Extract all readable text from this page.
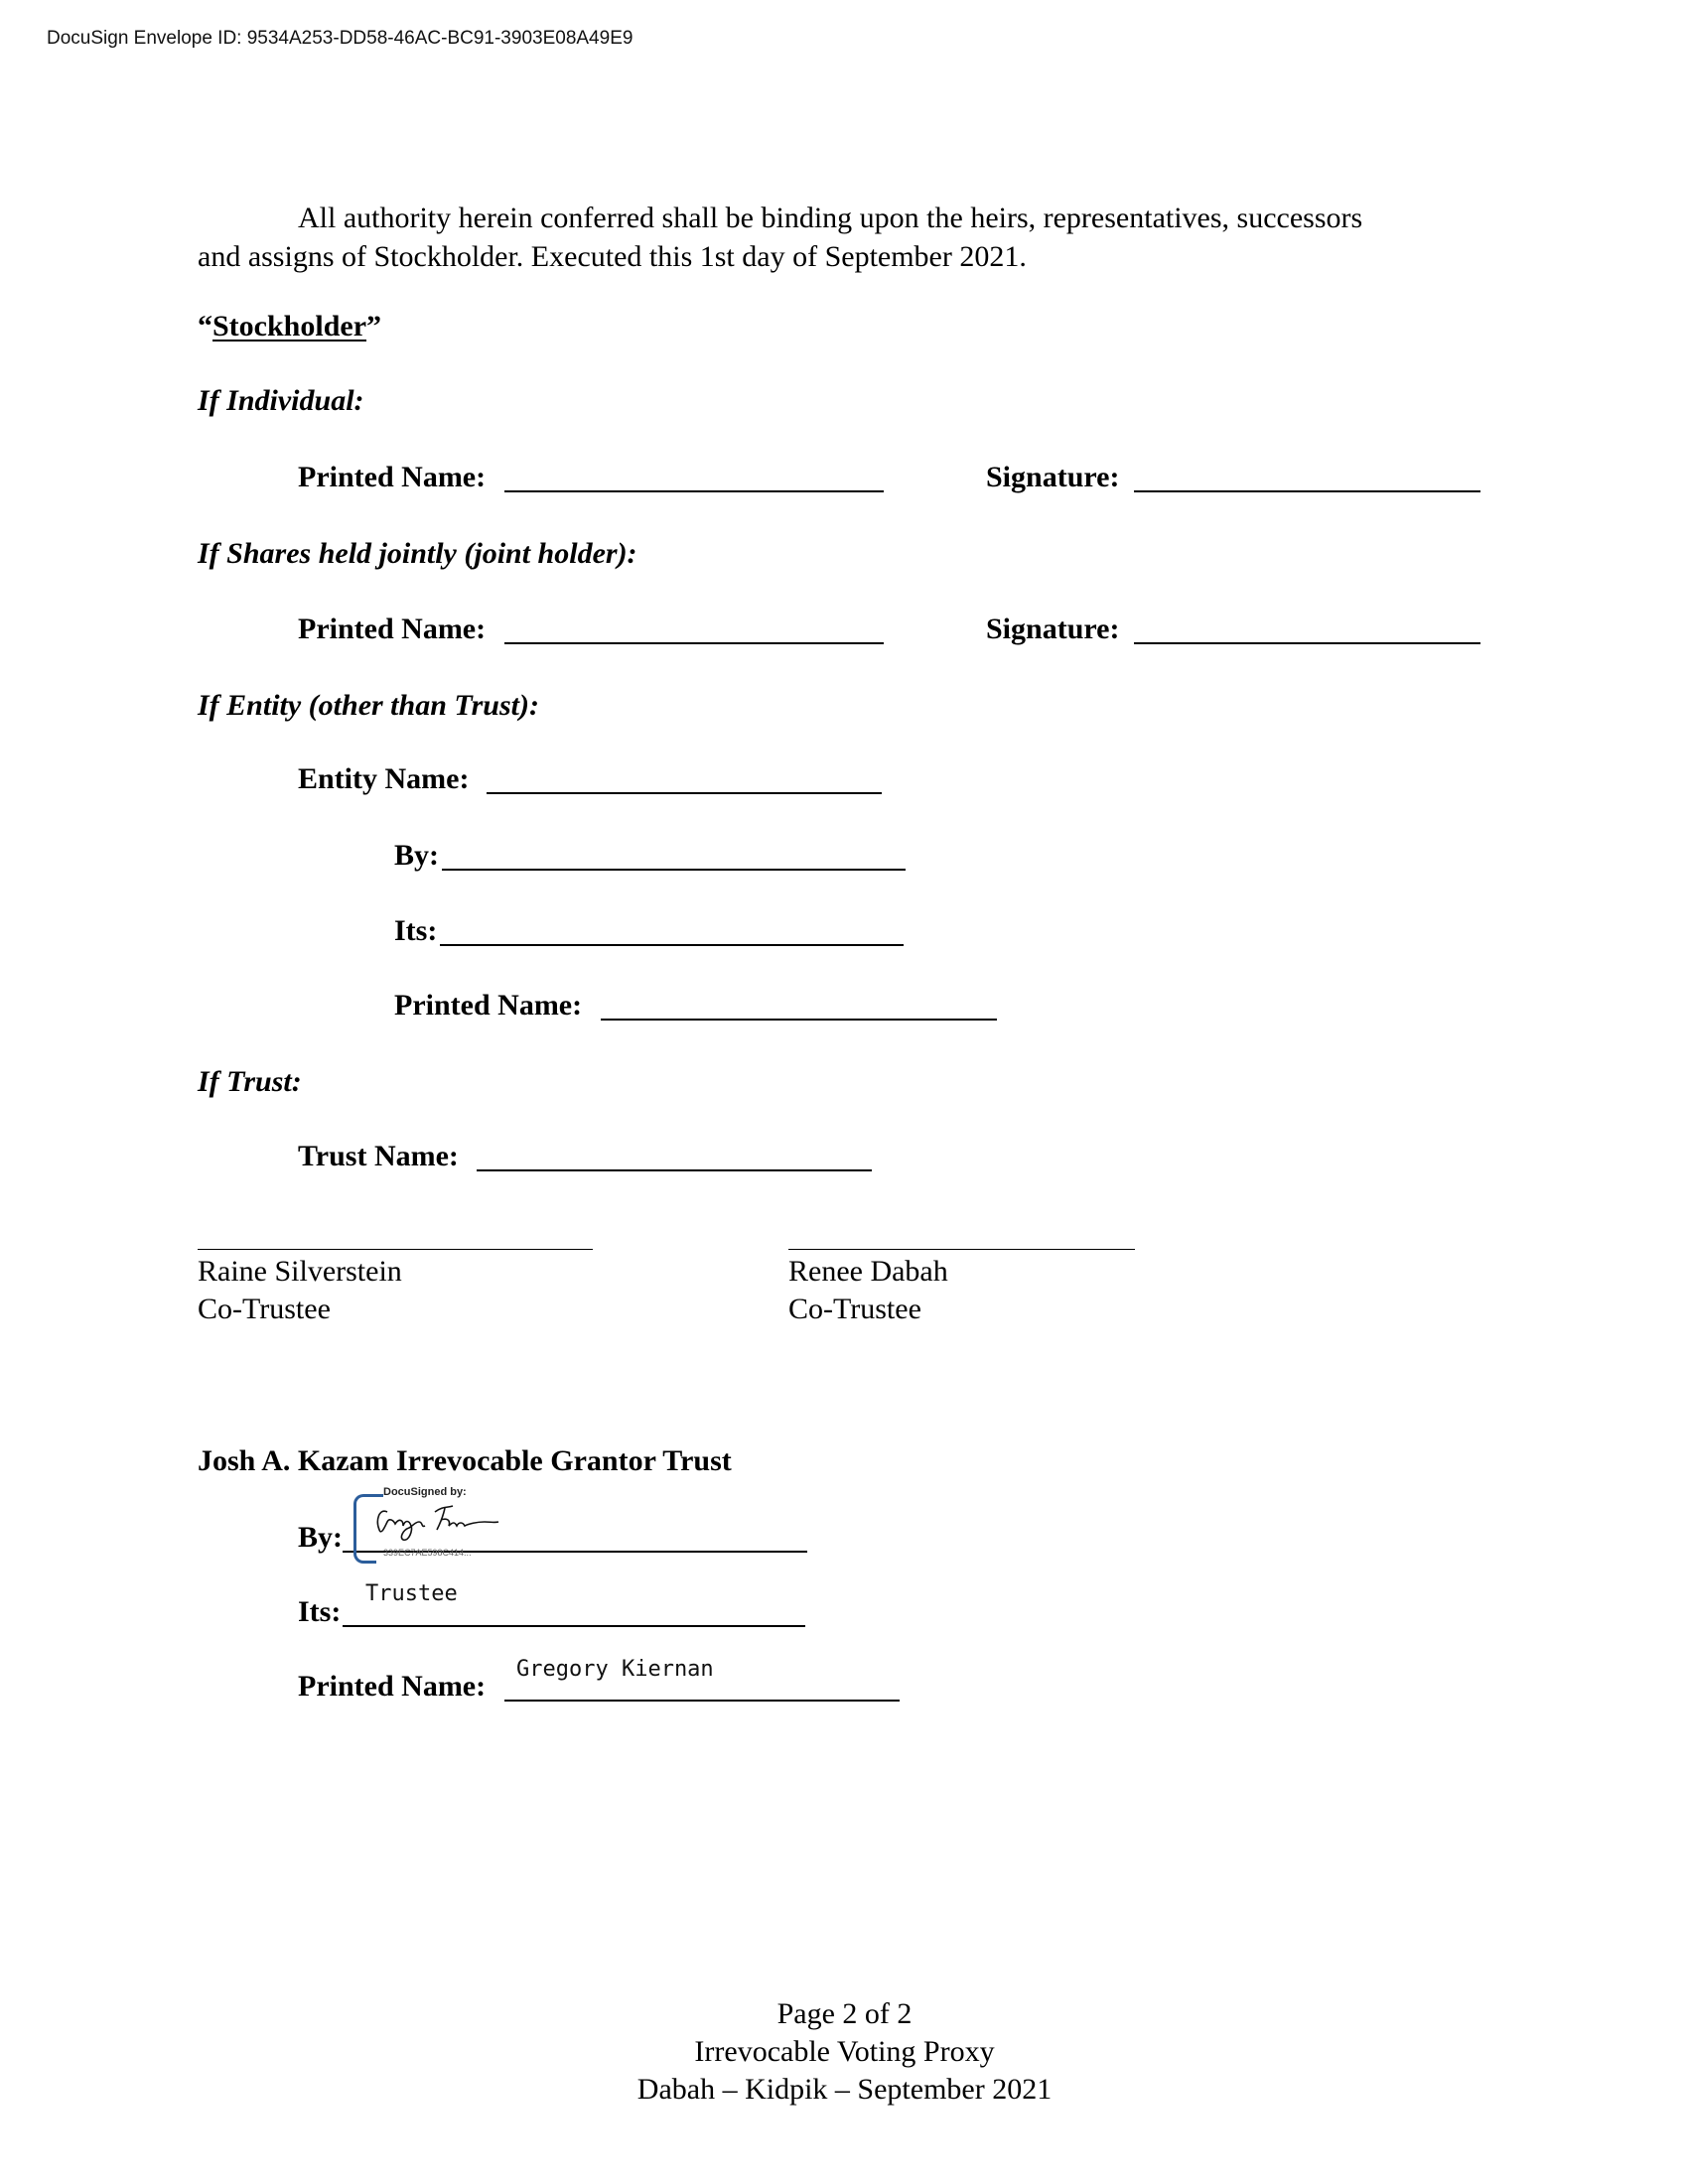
DocuSign Envelope ID: 9534A253-DD58-46AC-BC91-3903E08A49E9
All authority herein conferred shall be binding upon the heirs, representatives, successors
and assigns of Stockholder. Executed this 1st day of September 2021.
“Stockholder”
If Individual:
Printed Name:	Signature:
If Shares held jointly (joint holder):
Printed Name:	Signature:
If Entity (other than Trust):
Entity Name:
By:
Its:
Printed Name:
If Trust:
Trust Name:
Raine Silverstein
Co-Trustee
Renee Dabah
Co-Trustee
Josh A. Kazam Irrevocable Grantor Trust
By:
DocuSigned by:
339EC7AE598C414...
Its:
Trustee
Printed Name:
Gregory Kiernan
Page 2 of 2
Irrevocable Voting Proxy
Dabah – Kidpik – September 2021
